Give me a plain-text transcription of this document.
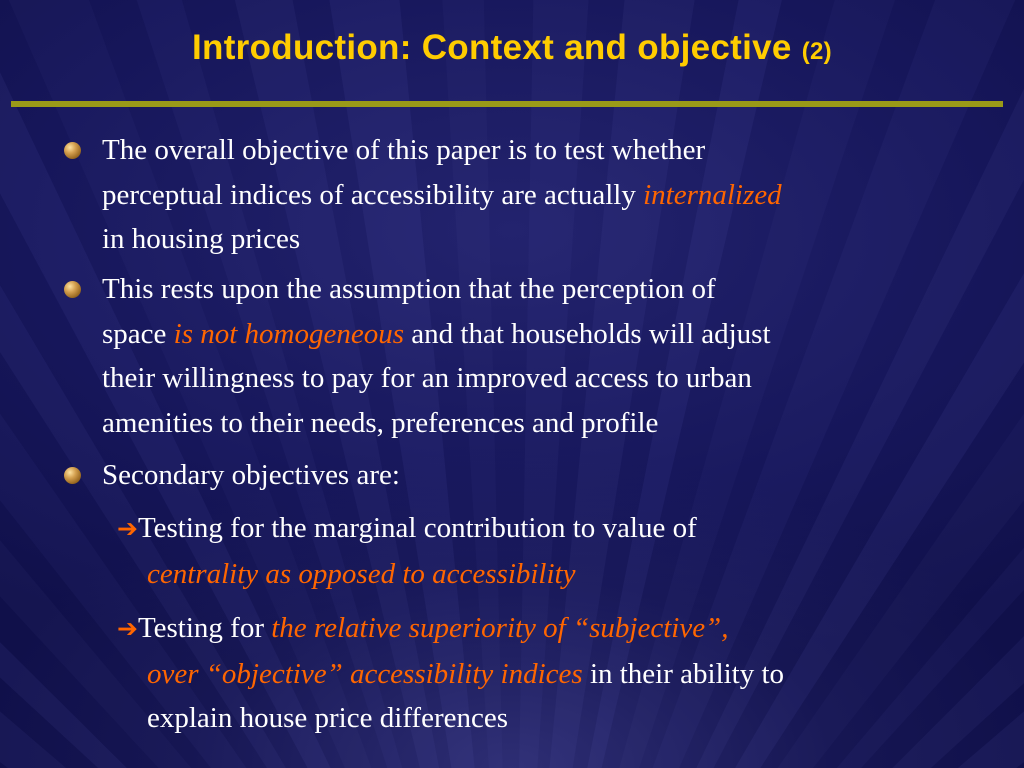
Introduction: Context and objective (2)
The overall objective of this paper is to test whether
perceptual indices of accessibility are actually internalized
in housing prices
This rests upon the assumption that the perception of
space is not homogeneous and that households will adjust
their willingness to pay for an improved access to urban
amenities to their needs, preferences and profile
Secondary objectives are:
➔Testing for the marginal contribution to value of
centrality as opposed to accessibility
➔Testing for the relative superiority of “subjective”,
over “objective” accessibility indices in their ability to
explain house price differences
